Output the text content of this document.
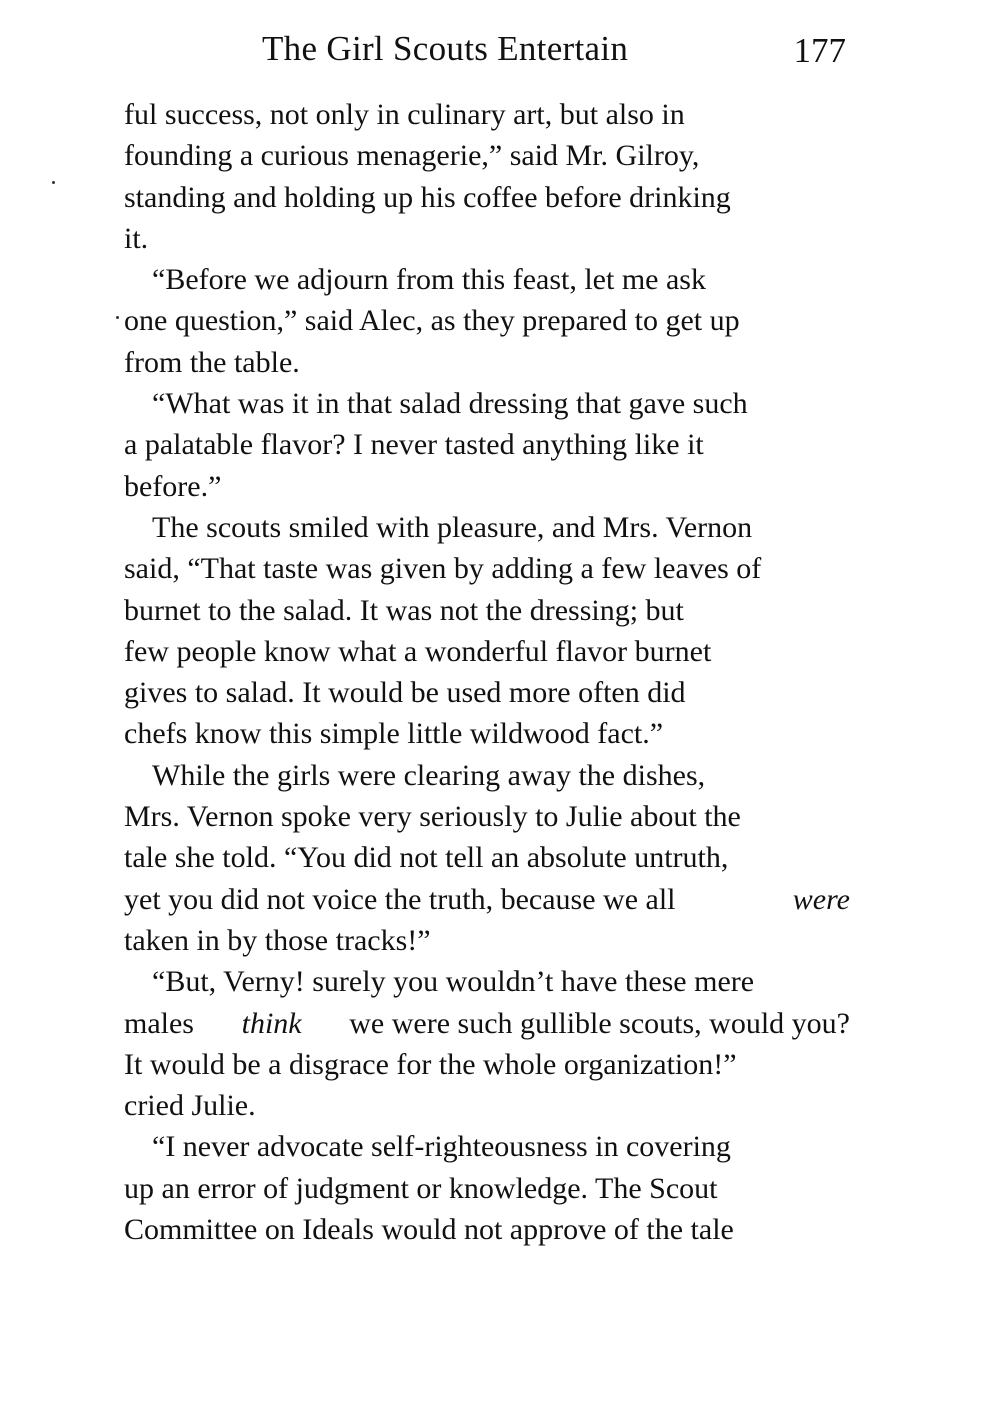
The Girl Scouts Entertain	177
ful success, not only in culinary art, but also in
founding a curious menagerie,” said Mr. Gilroy,
standing and holding up his coffee before drinking
it.
“Before we adjourn from this feast, let me ask
one question,” said Alec, as they prepared to get up
from the table.
“What was it in that salad dressing that gave such
a palatable flavor? I never tasted anything like it
before.”
The scouts smiled with pleasure, and Mrs. Vernon
said, “That taste was given by adding a few leaves of
burnet to the salad. It was not the dressing; but
few people know what a wonderful flavor burnet
gives to salad. It would be used more often did
chefs know this simple little wildwood fact.”
While the girls were clearing away the dishes,
Mrs. Vernon spoke very seriously to Julie about the
tale she told. “You did not tell an absolute untruth,
yet you did not voice the truth, because we all	were
taken in by those tracks!”
“But, Verny! surely you wouldn’t have these mere
males think we were such gullible scouts, would you?
It would be a disgrace for the whole organization!”
cried Julie.
“I never advocate self-righteousness in covering
up an error of judgment or knowledge. The Scout
Committee on Ideals would not approve of the tale
